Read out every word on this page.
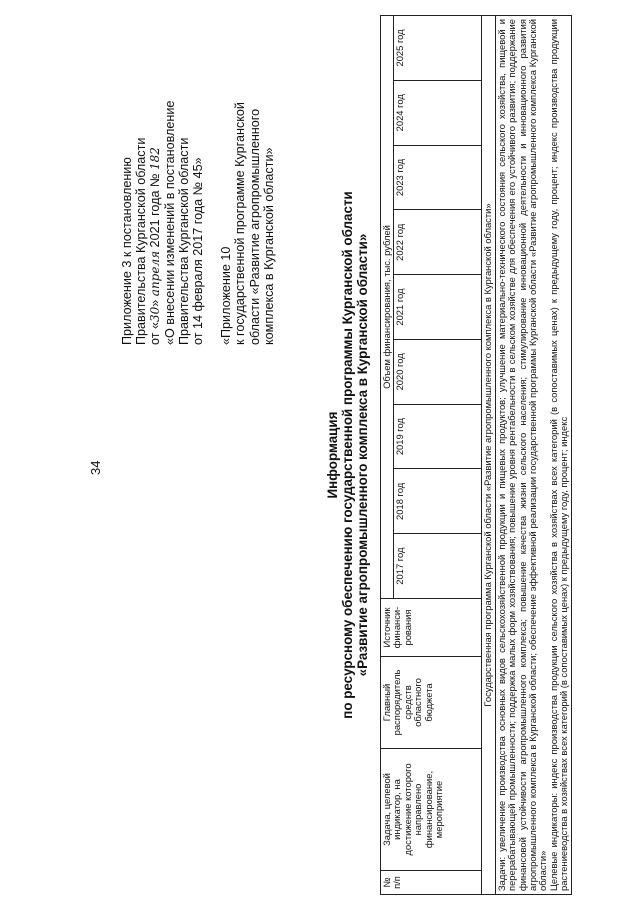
34
Приложение 3 к постановлению Правительства Курганской области от «30» апреля 2021 года № 182 «О внесении изменений в постановление Правительства Курганской области от 14 февраля 2017 года № 45» «Приложение 10 к государственной программе Курганской области «Развитие агропромышленного комплекса в Курганской области»
Информация по ресурсному обеспечению государственной программы Курганской области «Развитие агропромышленного комплекса в Курганской области»
№ п/п	Задача, целевой индикатор, на достижение которого направлено финансирование, мероприятие	Главный распорядитель средств областного бюджета	Источник финанси-рования	Объем финансирования, тыс. рублей								
				2017 год	2018 год	2019 год	2020 год	2021 год	2022 год	2023 год	2024 год	2025 год
Государственная программа Курганской области «Развитие агропромышленного комплекса в Курганской области»												
Задачи: увеличение производства основных видов сельскохозяйственной продукции и пищевых продуктов; улучшение материально-технического состояния сельского хозяйства, пищевой и перерабатывающей промышленности; поддержка малых форм хозяйствования; повышение уровня рентабельности в сельском хозяйстве для обеспечения его устойчивого развития; поддержание финансовой устойчивости агропромышленного комплекса; повышение качества жизни сельского населения; стимулирование инновационной деятельности и инновационного развития агропромышленного комплекса в Курганской области; обеспечение эффективной реализации государственной программы Курганской области «Развитие агропромышленного комплекса Курганской области»
Целевые индикаторы: индекс производства продукции сельского хозяйства в хозяйствах всех категорий (в сопоставимых ценах) к предыдущему году, процент; индекс производства продукции растениеводства в хозяйствах всех категорий (в сопоставимых ценах) к предыдущему году, процент; индекс												
